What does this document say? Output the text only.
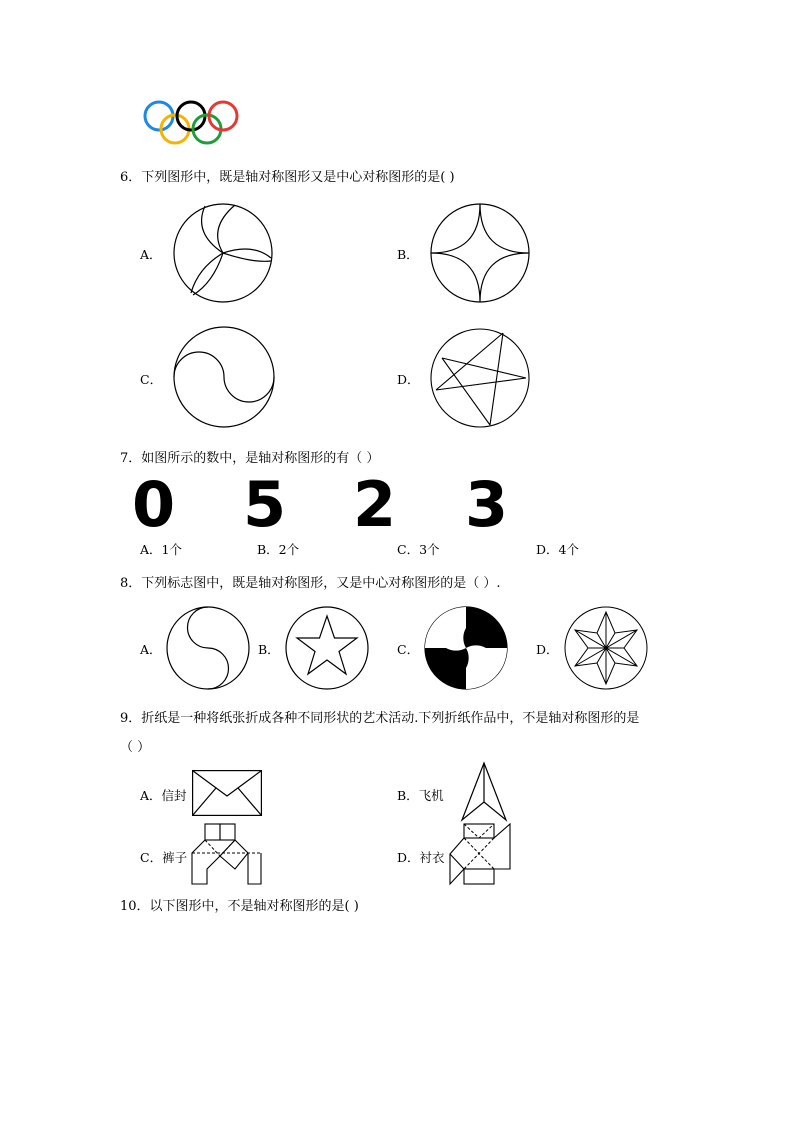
6．下列图形中，既是轴对称图形又是中心对称图形的是( )
A．	B．
C．	D．
7．如图所示的数中，是轴对称图形的有（ ）
0 5 2 3
A．1个	B．2个	C．3个	D．4个
8．下列标志图中，既是轴对称图形，又是中心对称图形的是（ ）.
A．	B．	C．	D．
9．折纸是一种将纸张折成各种不同形状的艺术活动.下列折纸作品中，不是轴对称图形的是
（ ）
A．信封	B．飞机
C．裤子	D．衬衣
10．以下图形中，不是轴对称图形的是( )
